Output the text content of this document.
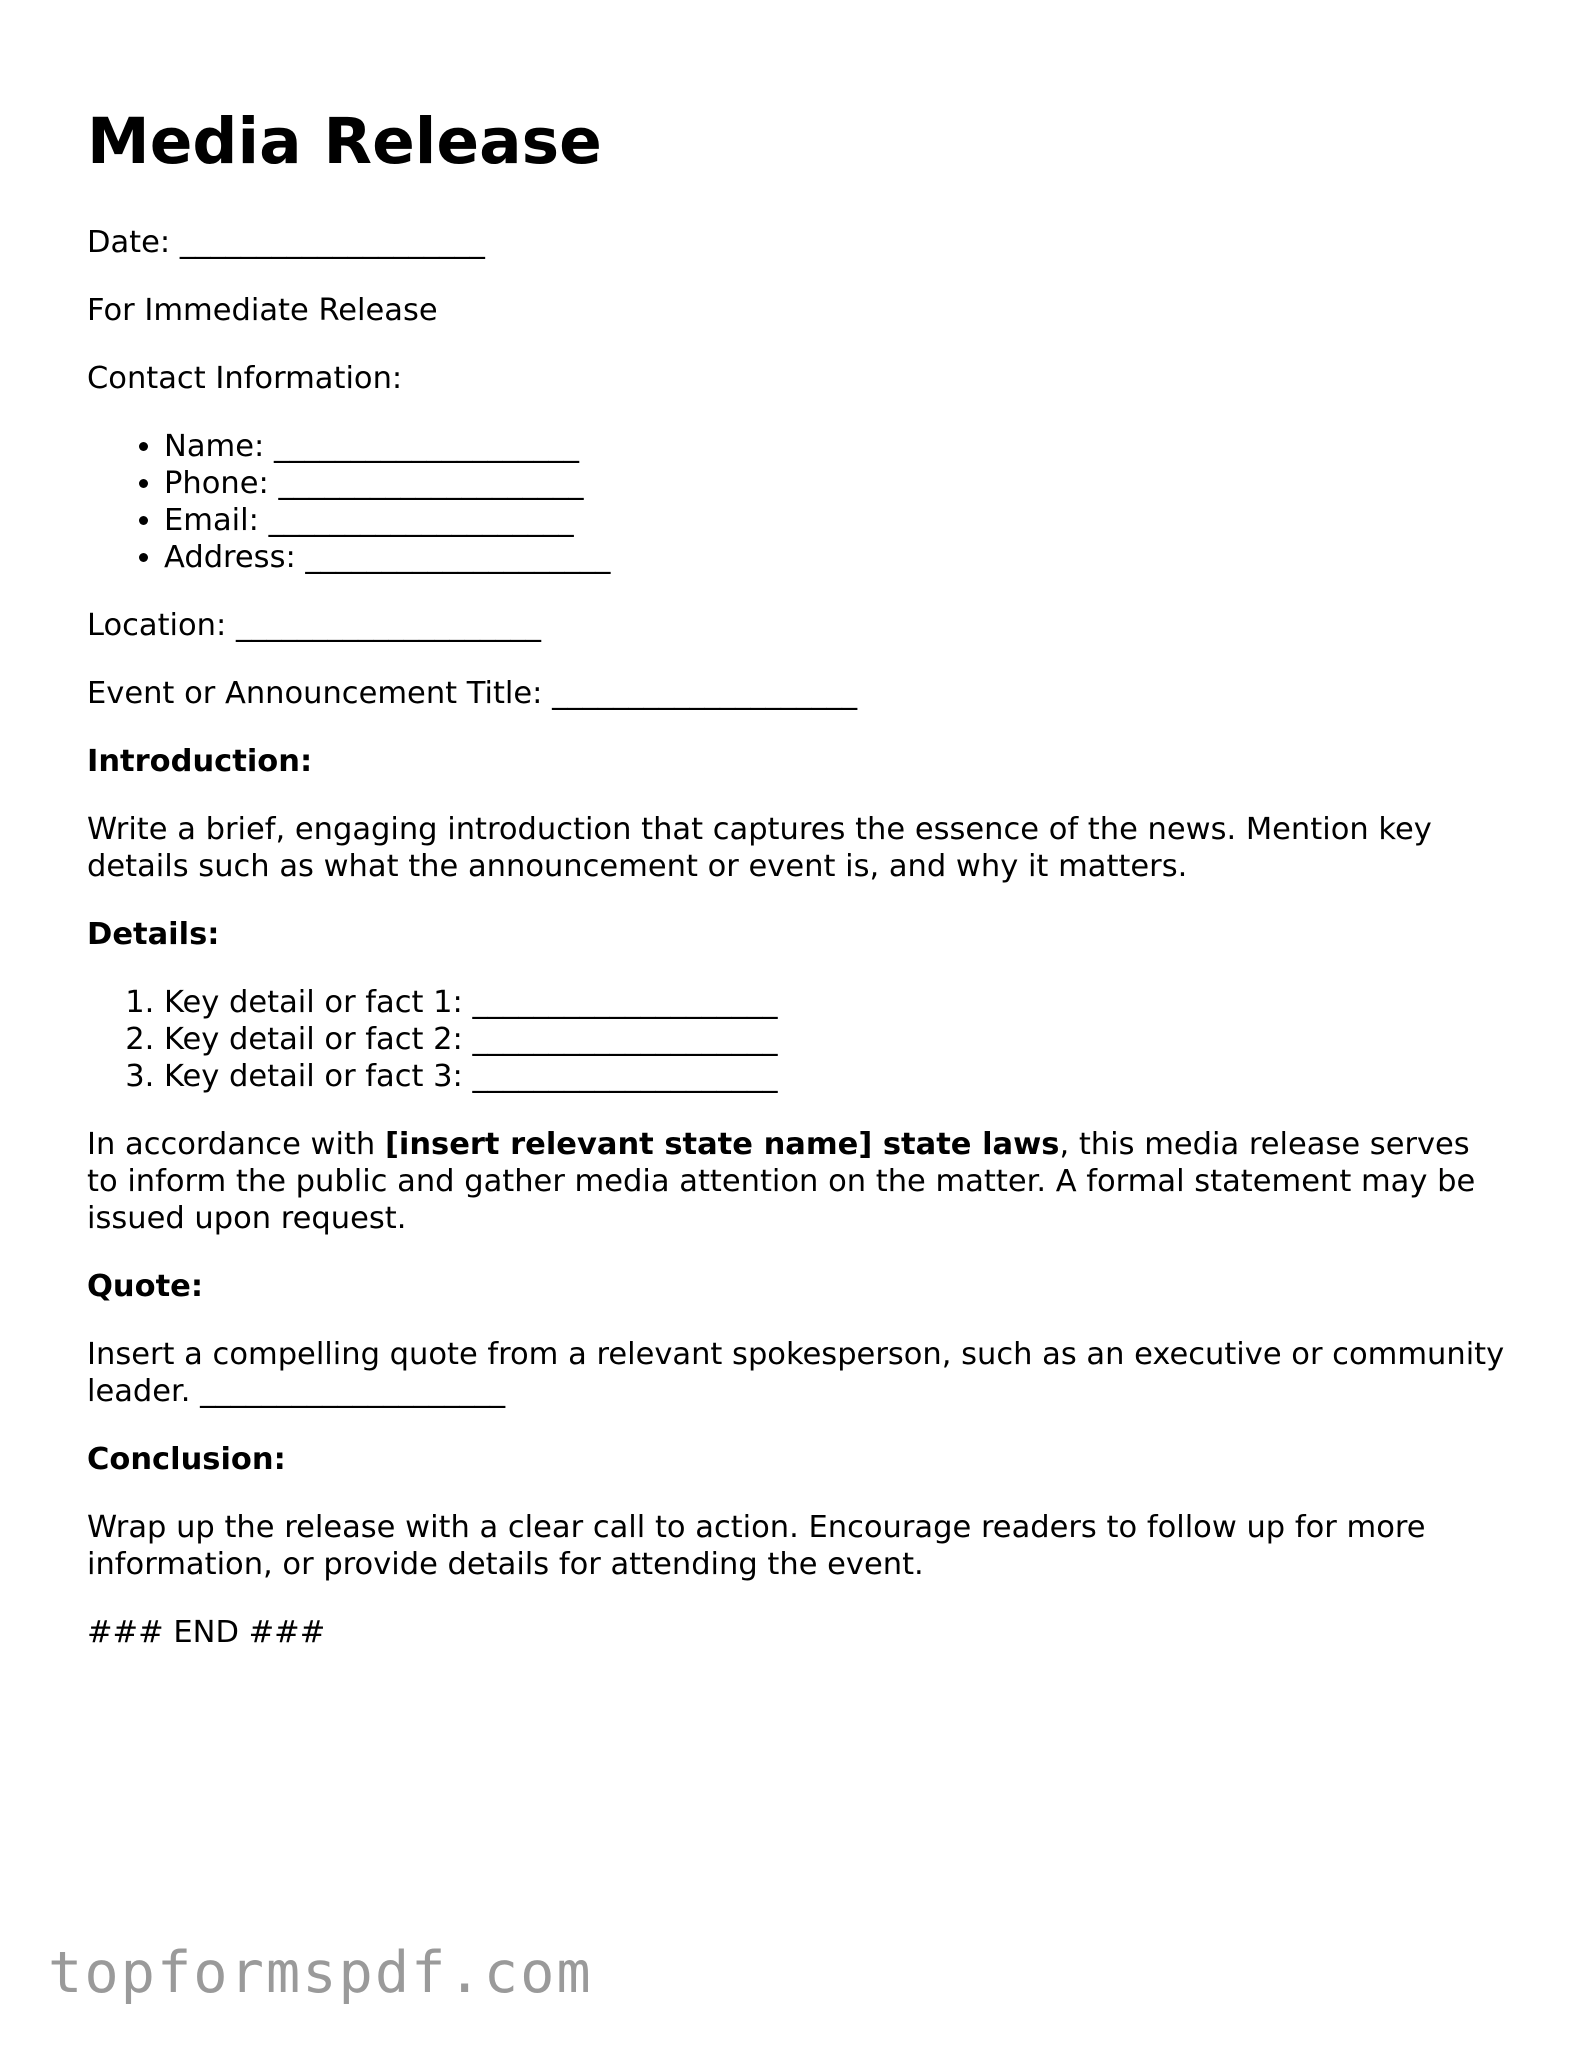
Media Release

Date: ____________________

For Immediate Release

Contact Information:

• Name: ____________________
• Phone: ____________________
• Email: ____________________
• Address: ____________________

Location: ____________________

Event or Announcement Title: ____________________

Introduction:

Write a brief, engaging introduction that captures the essence of the news. Mention key details such as what the announcement or event is, and why it matters.

Details:

1. Key detail or fact 1: ____________________
2. Key detail or fact 2: ____________________
3. Key detail or fact 3: ____________________

In accordance with [insert relevant state name] state laws, this media release serves to inform the public and gather media attention on the matter. A formal statement may be issued upon request.

Quote:

Insert a compelling quote from a relevant spokesperson, such as an executive or community leader. ____________________

Conclusion:

Wrap up the release with a clear call to action. Encourage readers to follow up for more information, or provide details for attending the event.

### END ###

topformspdf.com
